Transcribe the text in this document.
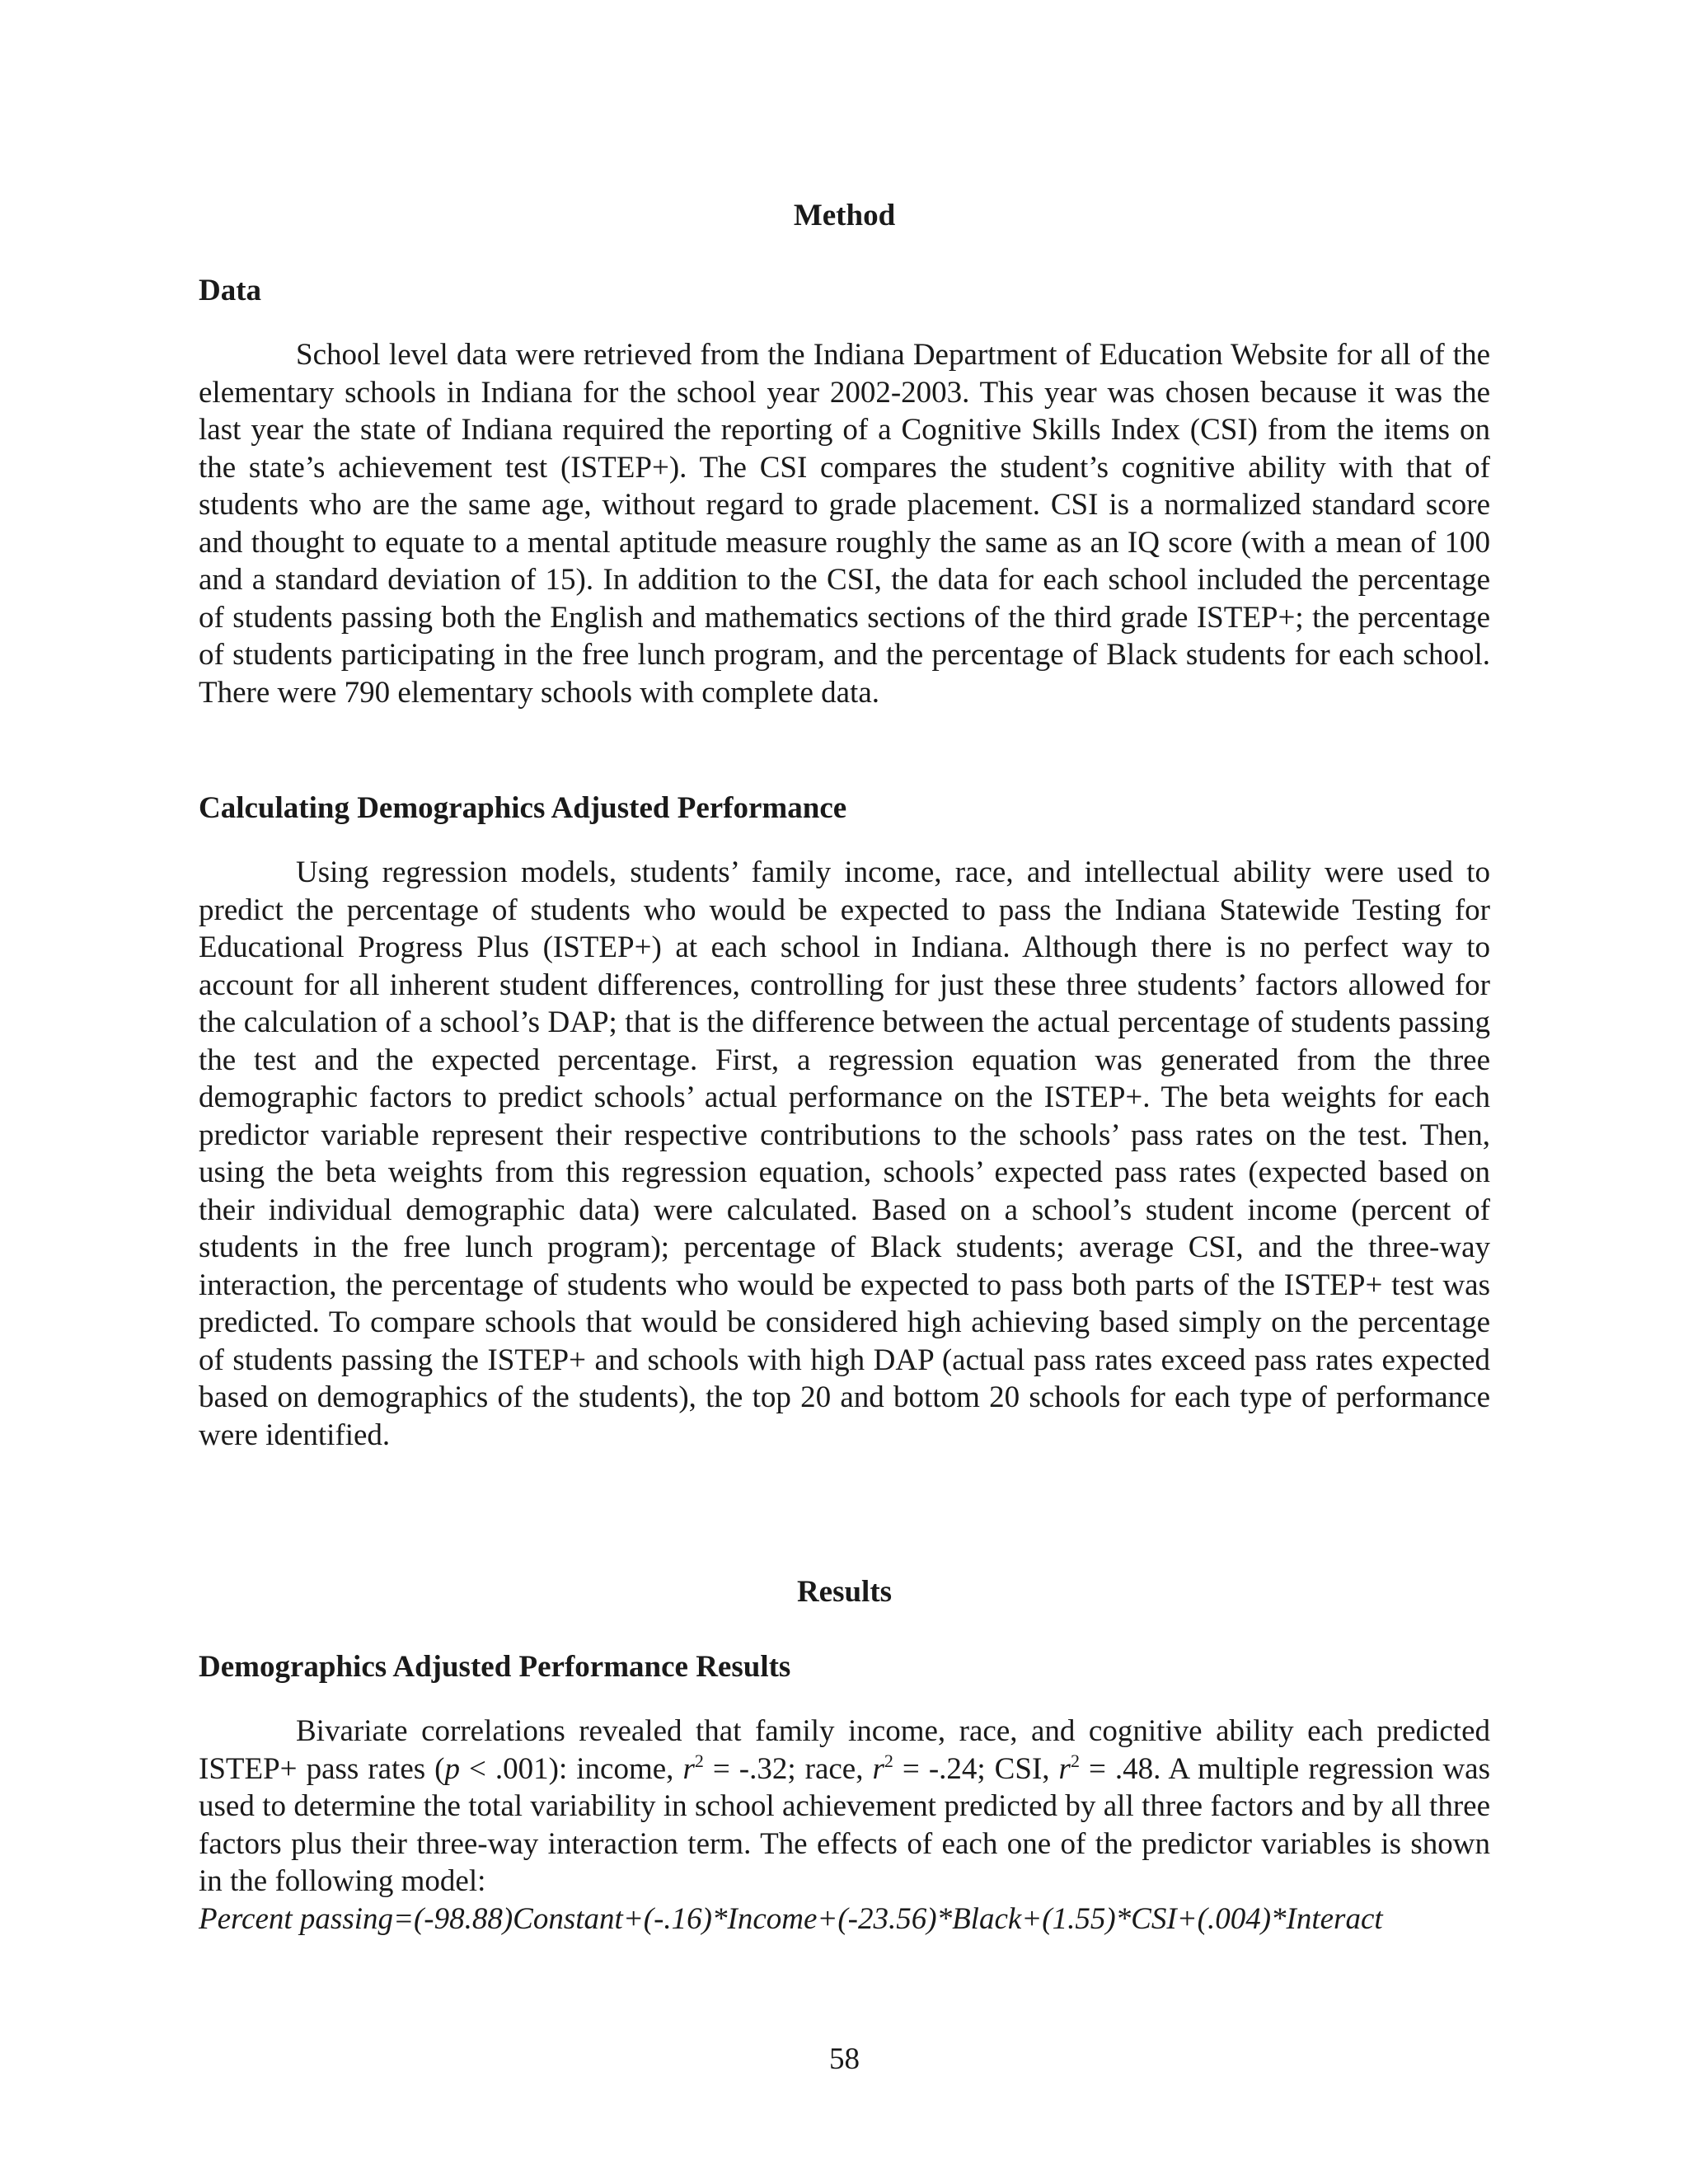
Method
Data

School level data were retrieved from the Indiana Department of Education Website for all of the elementary schools in Indiana for the school year 2002-2003. This year was chosen because it was the last year the state of Indiana required the reporting of a Cognitive Skills Index (CSI) from the items on the state’s achievement test (ISTEP+). The CSI compares the student’s cognitive ability with that of students who are the same age, without regard to grade placement. CSI is a normalized standard score and thought to equate to a mental aptitude measure roughly the same as an IQ score (with a mean of 100 and a standard deviation of 15). In addition to the CSI, the data for each school included the percentage of students passing both the English and mathematics sections of the third grade ISTEP+; the percentage of students participating in the free lunch program, and the percentage of Black students for each school. There were 790 elementary schools with complete data.

Calculating Demographics Adjusted Performance

Using regression models, students’ family income, race, and intellectual ability were used to predict the percentage of students who would be expected to pass the Indiana Statewide Testing for Educational Progress Plus (ISTEP+) at each school in Indiana. Although there is no perfect way to account for all inherent student differences, controlling for just these three students’ factors allowed for the calculation of a school’s DAP; that is the difference between the actual percentage of students passing the test and the expected percentage. First, a regression equation was generated from the three demographic factors to predict schools’ actual performance on the ISTEP+. The beta weights for each predictor variable represent their respective contributions to the schools’ pass rates on the test. Then, using the beta weights from this regression equation, schools’ expected pass rates (expected based on their individual demographic data) were calculated. Based on a school’s student income (percent of students in the free lunch program); percentage of Black students; average CSI, and the three-way interaction, the percentage of students who would be expected to pass both parts of the ISTEP+ test was predicted. To compare schools that would be considered high achieving based simply on the percentage of students passing the ISTEP+ and schools with high DAP (actual pass rates exceed pass rates expected based on demographics of the students), the top 20 and bottom 20 schools for each type of performance were identified.

Results
Demographics Adjusted Performance Results

Bivariate correlations revealed that family income, race, and cognitive ability each predicted ISTEP+ pass rates (p < .001): income, $r^2 = -.32$; race, $r^2 = -.24$; CSI, $r^2 = .48$. A multiple regression was used to determine the total variability in school achievement predicted by all three factors and by all three factors plus their three-way interaction term. The effects of each one of the predictor variables is shown in the following model:

Percent passing=(-98.88)Constant+(-.16)*Income+(-23.56)*Black+(1.55)*CSI+(.004)*Interact

58
